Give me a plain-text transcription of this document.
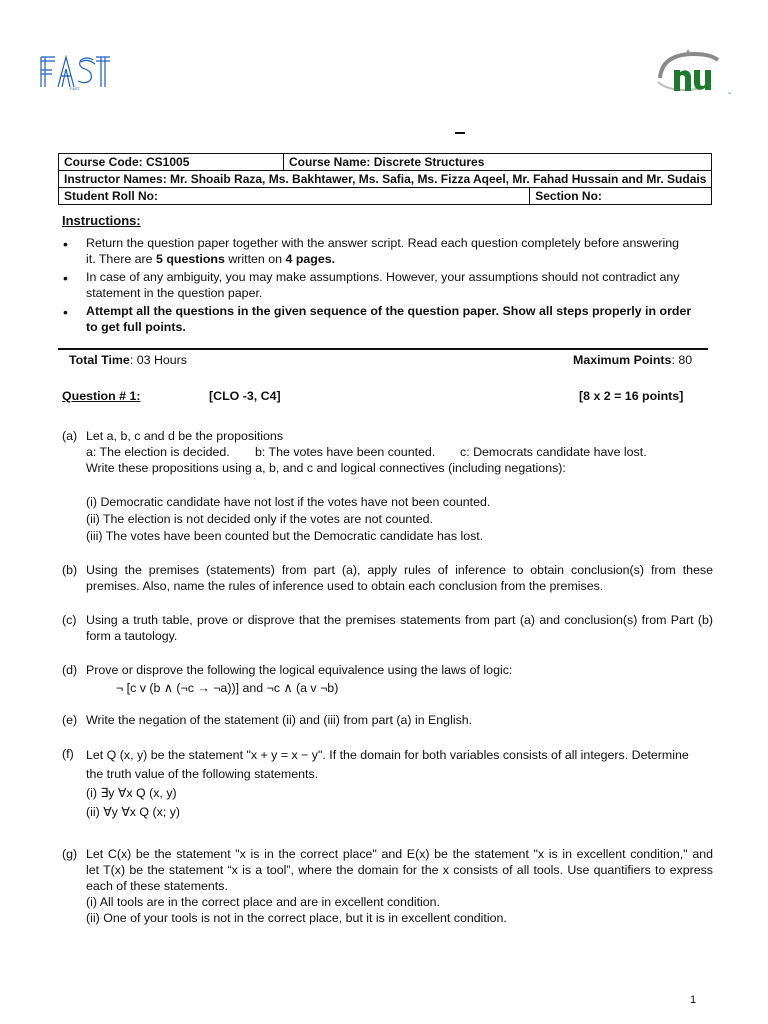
FAST
nu
Course Code: CS1005	Course Name: Discrete Structures	
Instructor Names: Mr. Shoaib Raza, Ms. Bakhtawer, Ms. Safia, Ms. Fizza Aqeel, Mr. Fahad Hussain and Mr. Sudais		
Student Roll No:		Section No:
Instructions:
• Return the question paper together with the answer script. Read each question completely before answering
it. There are 5 questions written on 4 pages.
• In case of any ambiguity, you may make assumptions. However, your assumptions should not contradict any
statement in the question paper.
• Attempt all the questions in the given sequence of the question paper. Show all steps properly in order
to get full points.
Total Time: 03 Hours	Maximum Points: 80
Question # 1:	[CLO -3, C4]	[8 x 2 = 16 points]
(a) Let a, b, c and d be the propositions
a: The election is decided. b: The votes have been counted. c: Democrats candidate have lost.
Write these propositions using a, b, and c and logical connectives (including negations):
(i) Democratic candidate have not lost if the votes have not been counted.
(ii) The election is not decided only if the votes are not counted.
(iii) The votes have been counted but the Democratic candidate has lost.
(b) Using the premises (statements) from part (a), apply rules of inference to obtain conclusion(s) from these
premises. Also, name the rules of inference used to obtain each conclusion from the premises.
(c) Using a truth table, prove or disprove that the premises statements from part (a) and conclusion(s) from Part (b)
form a tautology.
(d) Prove or disprove the following the logical equivalence using the laws of logic:
¬ [c v (b ∧ (¬c → ¬a))] and ¬c ∧ (a v ¬b)
(e) Write the negation of the statement (ii) and (iii) from part (a) in English.
(f) Let Q (x, y) be the statement "x + y = x − y". If the domain for both variables consists of all integers. Determine
the truth value of the following statements.
(i) ∃y ∀x Q (x, y)
(ii) ∀y ∀x Q (x; y)
(g) Let C(x) be the statement "x is in the correct place" and E(x) be the statement "x is in excellent condition," and
let T(x) be the statement “x is a tool”, where the domain for the x consists of all tools. Use quantifiers to express
each of these statements.
(i) All tools are in the correct place and are in excellent condition.
(ii) One of your tools is not in the correct place, but it is in excellent condition.
1
